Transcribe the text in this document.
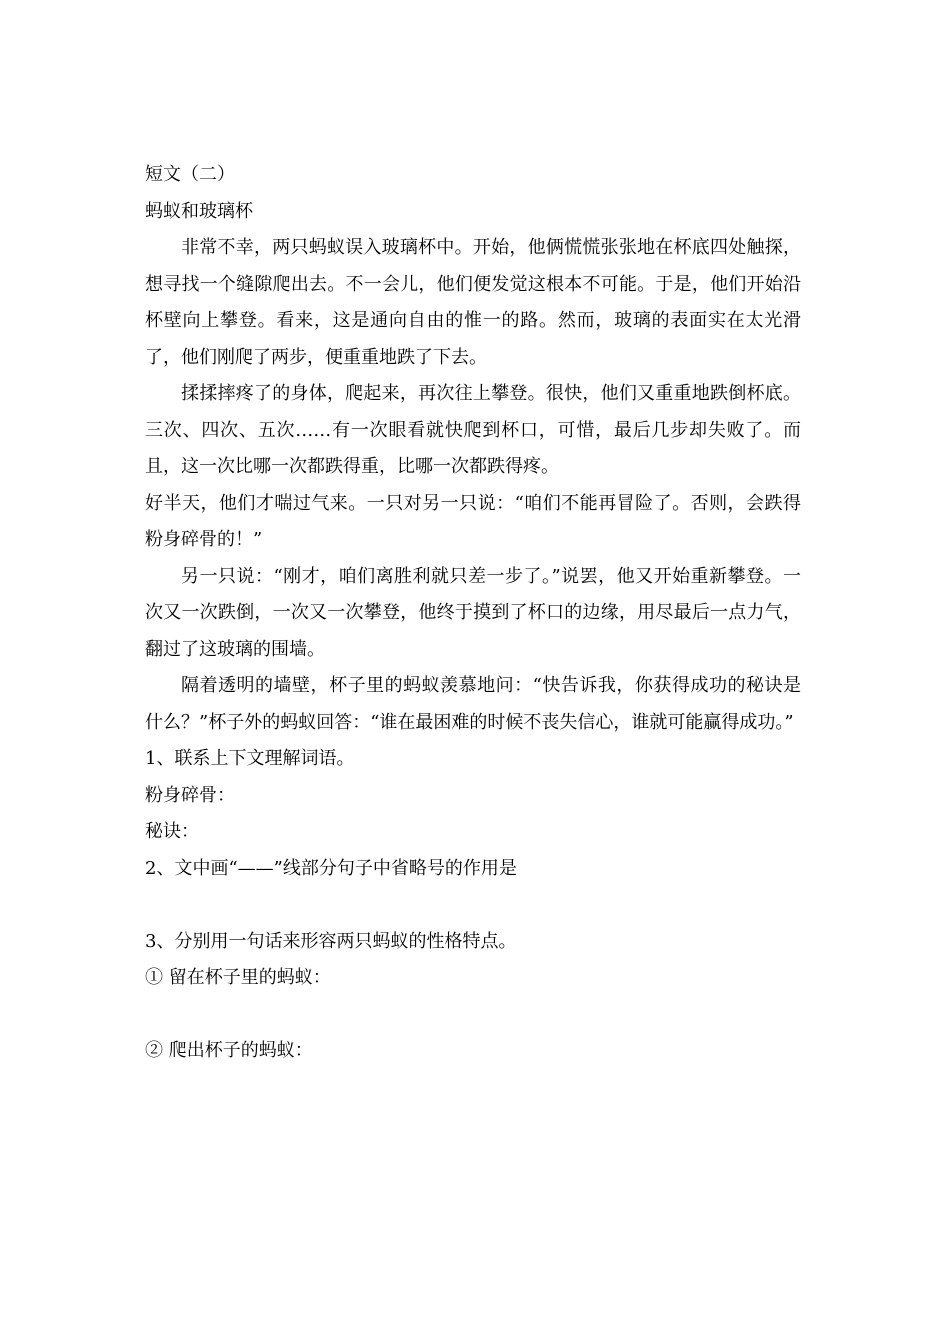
短文（二）
蚂蚁和玻璃杯

非常不幸，两只蚂蚁误入玻璃杯中。开始，他俩慌慌张张地在杯底四处触探，想寻找一个缝隙爬出去。不一会儿，他们便发觉这根本不可能。于是，他们开始沿杯壁向上攀登。看来，这是通向自由的惟一的路。然而，玻璃的表面实在太光滑了，他们刚爬了两步，便重重地跌了下去。

揉揉摔疼了的身体，爬起来，再次往上攀登。很快，他们又重重地跌倒杯底。三次、四次、五次……有一次眼看就快爬到杯口，可惜，最后几步却失败了。而且，这一次比哪一次都跌得重，比哪一次都跌得疼。

好半天，他们才喘过气来。一只对另一只说：“咱们不能再冒险了。否则，会跌得粉身碎骨的！”

另一只说：“刚才，咱们离胜利就只差一步了。”说罢，他又开始重新攀登。一次又一次跌倒，一次又一次攀登，他终于摸到了杯口的边缘，用尽最后一点力气，翻过了这玻璃的围墙。

隔着透明的墙壁，杯子里的蚂蚁羡慕地问：“快告诉我，你获得成功的秘诀是什么？”杯子外的蚂蚁回答：“谁在最困难的时候不丧失信心，谁就可能赢得成功。”

1、联系上下文理解词语。
粉身碎骨：
秘诀：
2、文中画“——”线部分句子中省略号的作用是
3、分别用一句话来形容两只蚂蚁的性格特点。
① 留在杯子里的蚂蚁：
② 爬出杯子的蚂蚁：
